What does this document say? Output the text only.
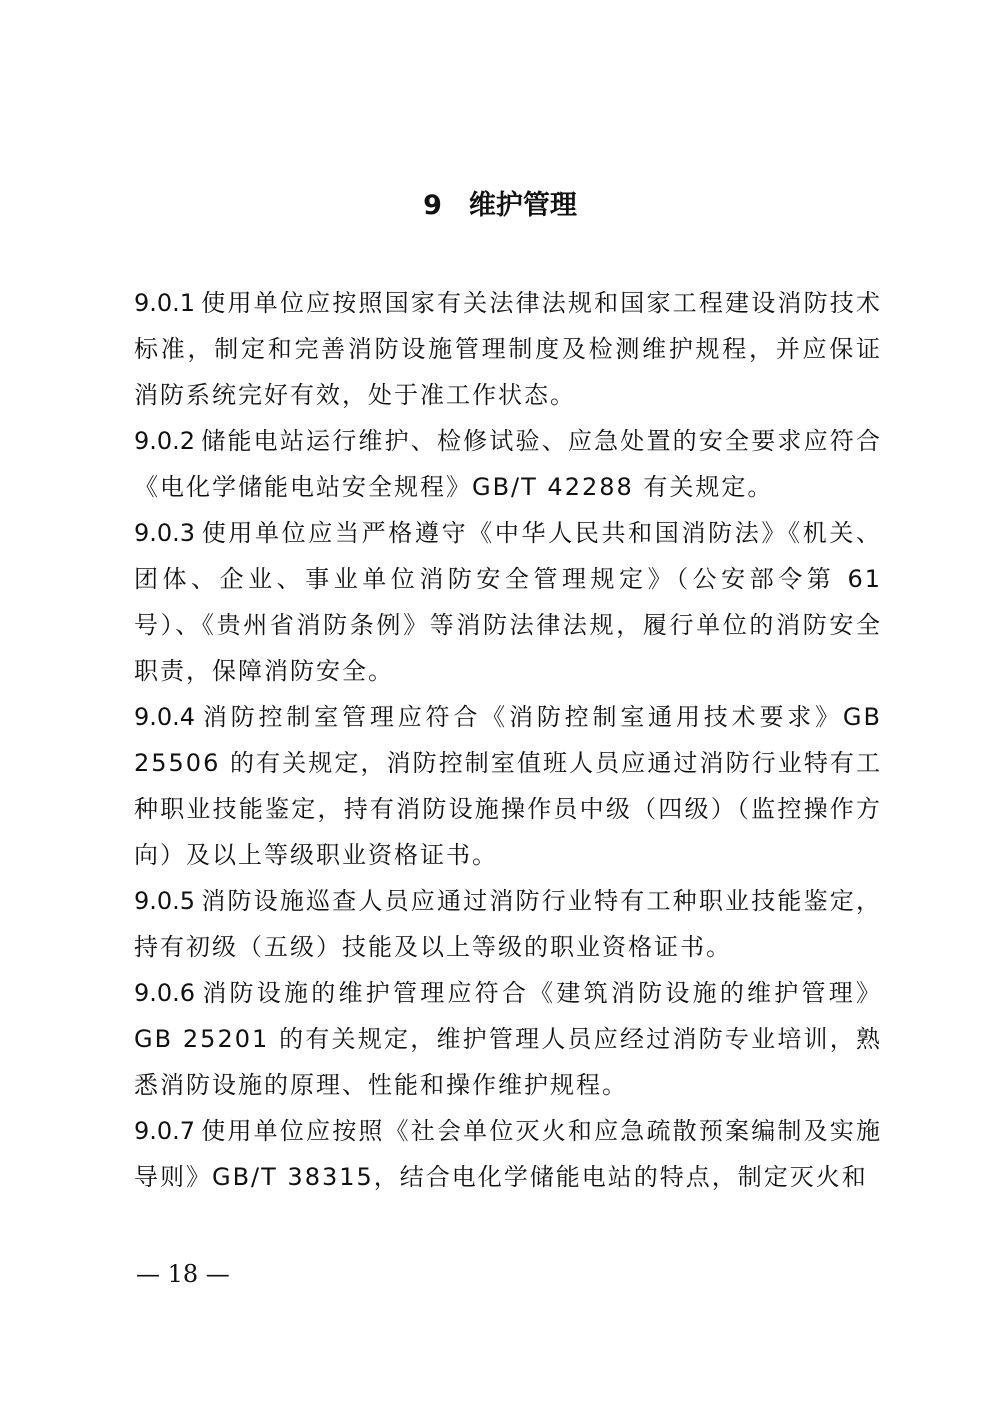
9　维护管理

9.0.1 使用单位应按照国家有关法律法规和国家工程建设消防技术标准，制定和完善消防设施管理制度及检测维护规程，并应保证消防系统完好有效，处于准工作状态。

9.0.2 储能电站运行维护、检修试验、应急处置的安全要求应符合《电化学储能电站安全规程》GB/T 42288 有关规定。

9.0.3 使用单位应当严格遵守《中华人民共和国消防法》《机关、团体、企业、事业单位消防安全管理规定》（公安部令第 61 号）、《贵州省消防条例》等消防法律法规，履行单位的消防安全职责，保障消防安全。

9.0.4 消防控制室管理应符合《消防控制室通用技术要求》GB 25506 的有关规定，消防控制室值班人员应通过消防行业特有工种职业技能鉴定，持有消防设施操作员中级（四级）（监控操作方向）及以上等级职业资格证书。

9.0.5 消防设施巡查人员应通过消防行业特有工种职业技能鉴定，持有初级（五级）技能及以上等级的职业资格证书。

9.0.6 消防设施的维护管理应符合《建筑消防设施的维护管理》GB 25201 的有关规定，维护管理人员应经过消防专业培训，熟悉消防设施的原理、性能和操作维护规程。

9.0.7 使用单位应按照《社会单位灭火和应急疏散预案编制及实施导则》GB/T 38315，结合电化学储能电站的特点，制定灭火和

— 18 —
